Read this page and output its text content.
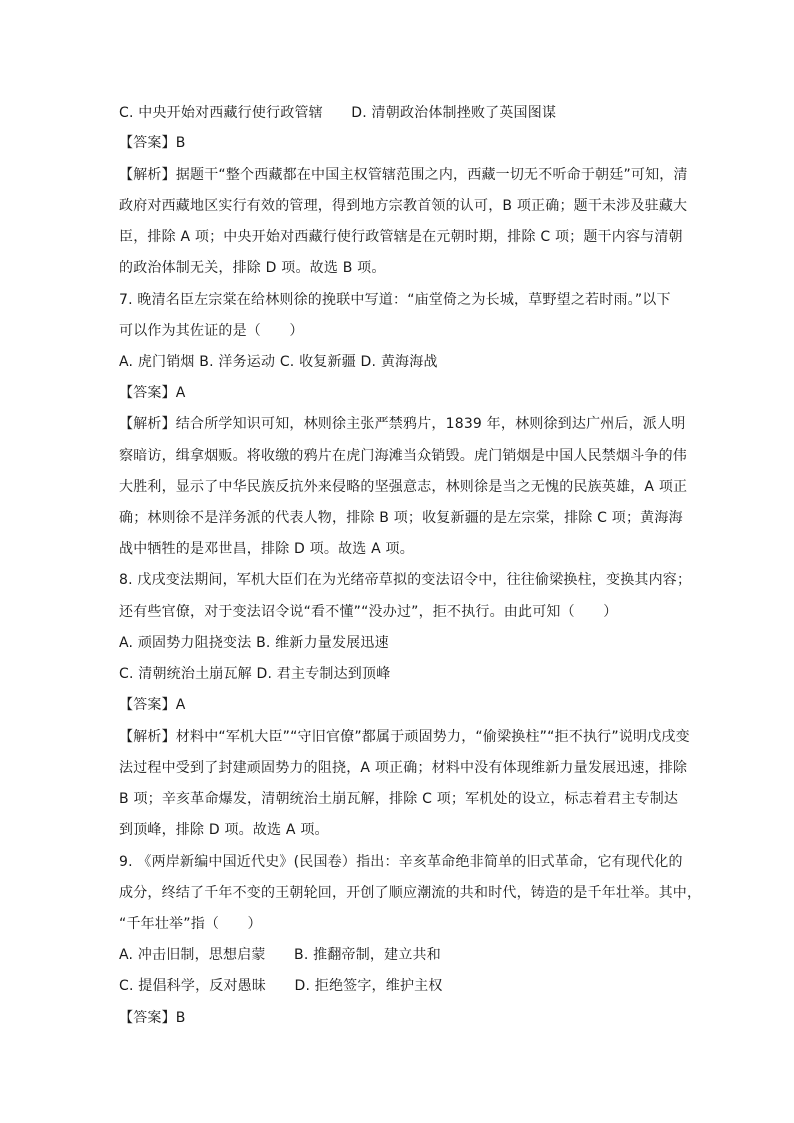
C. 中央开始对西藏行使行政管辖　　D. 清朝政治体制挫败了英国图谋
【答案】B
【解析】据题干“整个西藏都在中国主权管辖范围之内，西藏一切无不听命于朝廷”可知，清
政府对西藏地区实行有效的管理，得到地方宗教首领的认可，B 项正确；题干未涉及驻藏大
臣，排除 A 项；中央开始对西藏行使行政管辖是在元朝时期，排除 C 项；题干内容与清朝
的政治体制无关，排除 D 项。故选 B 项。
7. 晚清名臣左宗棠在给林则徐的挽联中写道：“庙堂倚之为长城，草野望之若时雨。”以下
可以作为其佐证的是（　　）
A. 虎门销烟 B. 洋务运动 C. 收复新疆 D. 黄海海战
【答案】A
【解析】结合所学知识可知，林则徐主张严禁鸦片，1839 年，林则徐到达广州后，派人明
察暗访，缉拿烟贩。将收缴的鸦片在虎门海滩当众销毁。虎门销烟是中国人民禁烟斗争的伟
大胜利，显示了中华民族反抗外来侵略的坚强意志，林则徐是当之无愧的民族英雄，A 项正
确；林则徐不是洋务派的代表人物，排除 B 项；收复新疆的是左宗棠，排除 C 项；黄海海
战中牺牲的是邓世昌，排除 D 项。故选 A 项。
8. 戊戌变法期间，军机大臣们在为光绪帝草拟的变法诏令中，往往偷梁换柱，变换其内容；
还有些官僚，对于变法诏令说“看不懂”“没办过”，拒不执行。由此可知（　　）
A. 顽固势力阻挠变法 B. 维新力量发展迅速
C. 清朝统治土崩瓦解 D. 君主专制达到顶峰
【答案】A
【解析】材料中“军机大臣”“守旧官僚”都属于顽固势力，“偷梁换柱”“拒不执行”说明戊戌变
法过程中受到了封建顽固势力的阻挠，A 项正确；材料中没有体现维新力量发展迅速，排除
B 项；辛亥革命爆发，清朝统治土崩瓦解，排除 C 项；军机处的设立，标志着君主专制达
到顶峰，排除 D 项。故选 A 项。
9. 《两岸新编中国近代史》(民国卷）指出：辛亥革命绝非简单的旧式革命，它有现代化的
成分，终结了千年不变的王朝轮回，开创了顺应潮流的共和时代，铸造的是千年壮举。其中，
“千年壮举”指（　　）
A. 冲击旧制，思想启蒙　　B. 推翻帝制，建立共和
C. 提倡科学，反对愚昧　　D. 拒绝签字，维护主权
【答案】B
